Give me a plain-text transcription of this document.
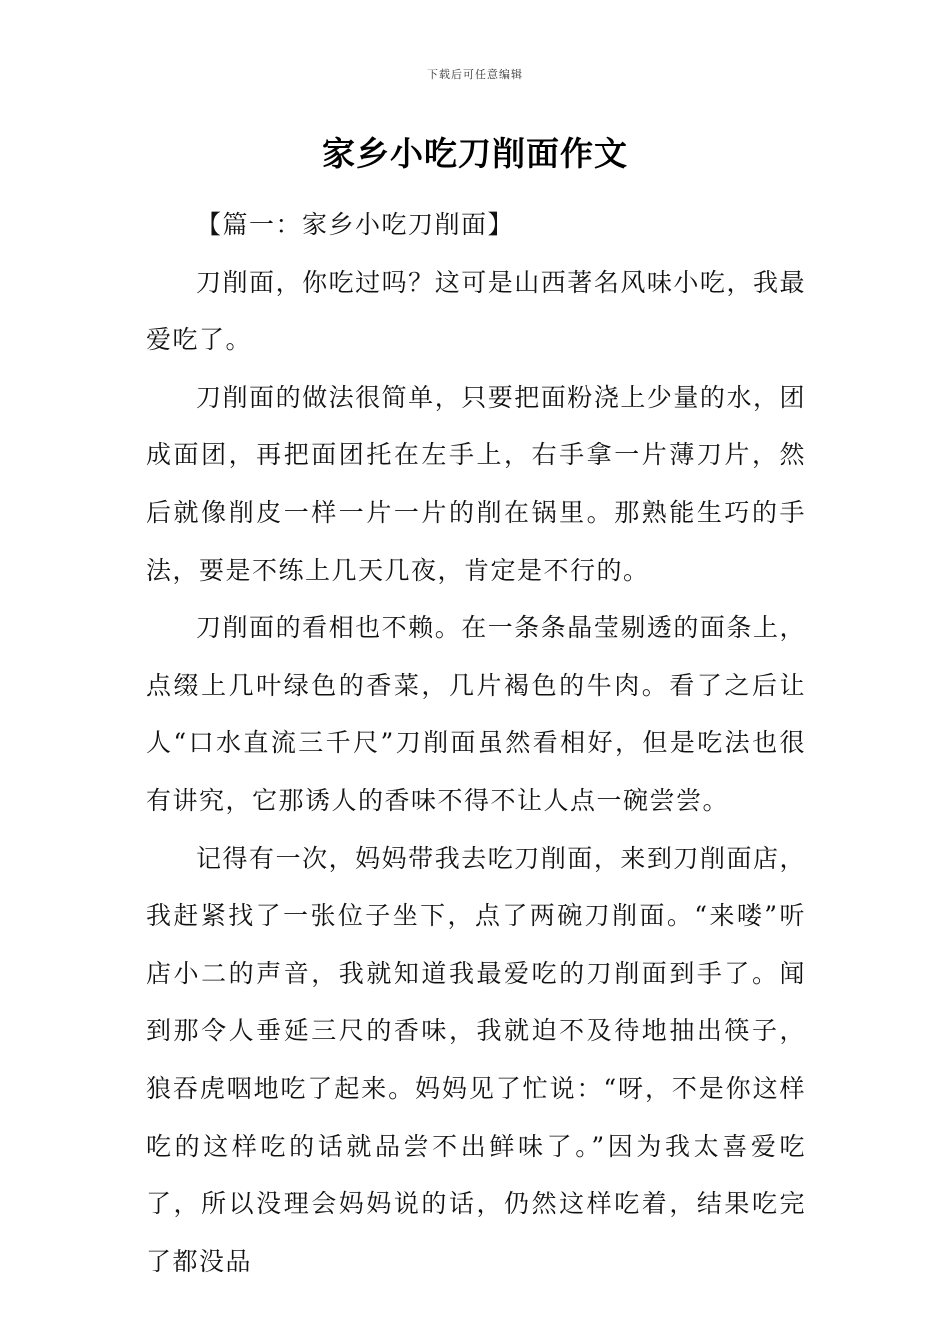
下载后可任意编辑
家乡小吃刀削面作文

【篇一：家乡小吃刀削面】

刀削面，你吃过吗？这可是山西著名风味小吃，我最爱吃了。

刀削面的做法很简单，只要把面粉浇上少量的水，团成面团，再把面团托在左手上，右手拿一片薄刀片，然后就像削皮一样一片一片的削在锅里。那熟能生巧的手法，要是不练上几天几夜，肯定是不行的。

刀削面的看相也不赖。在一条条晶莹剔透的面条上，点缀上几叶绿色的香菜，几片褐色的牛肉。看了之后让人“口水直流三千尺”刀削面虽然看相好，但是吃法也很有讲究，它那诱人的香味不得不让人点一碗尝尝。

记得有一次，妈妈带我去吃刀削面，来到刀削面店，我赶紧找了一张位子坐下，点了两碗刀削面。“来喽”听店小二的声音，我就知道我最爱吃的刀削面到手了。闻到那令人垂延三尺的香味，我就迫不及待地抽出筷子，狼吞虎咽地吃了起来。妈妈见了忙说：“呀，不是你这样吃的这样吃的话就品尝不出鲜味了。”因为我太喜爱吃了，所以没理会妈妈说的话，仍然这样吃着，结果吃完了都没品
